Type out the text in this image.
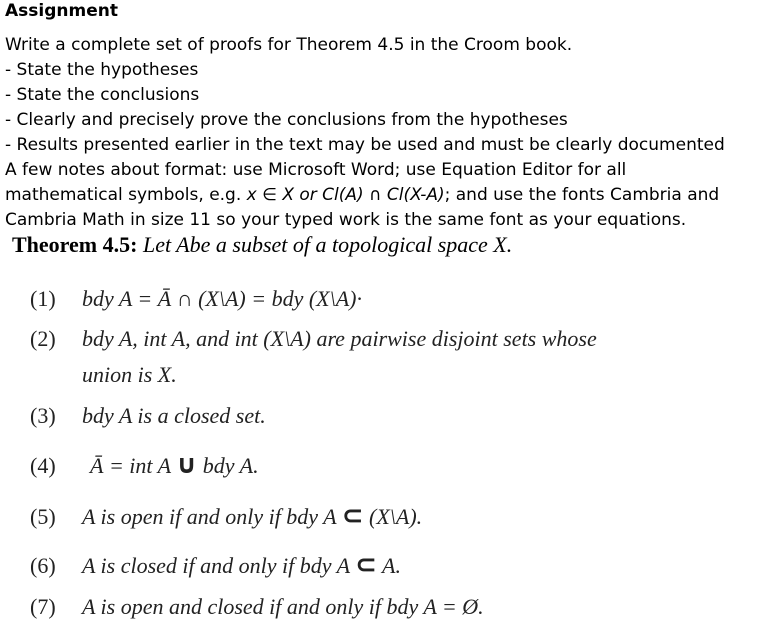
Assignment
Write a complete set of proofs for Theorem 4.5 in the Croom book.
- State the hypotheses
- State the conclusions
- Clearly and precisely prove the conclusions from the hypotheses
- Results presented earlier in the text may be used and must be clearly documented
A few notes about format: use Microsoft Word; use Equation Editor for all
mathematical symbols, e.g. x ∈ X or Cl(A) ∩ Cl(X-A); and use the fonts Cambria and
Cambria Math in size 11 so your typed work is the same font as your equations.
Theorem 4.5: Let Abe a subset of a topological space X.
(1) bdy A = Ā ∩ (X\A) = bdy (X\A)·
(2) bdy A, int A, and int (X\A) are pairwise disjoint sets whose
union is X.
(3) bdy A is a closed set.
(4) Ā = int A ∪ bdy A.
(5) A is open if and only if bdy A ⊂ (X\A).
(6) A is closed if and only if bdy A ⊂ A.
(7) A is open and closed if and only if bdy A = Ø.
